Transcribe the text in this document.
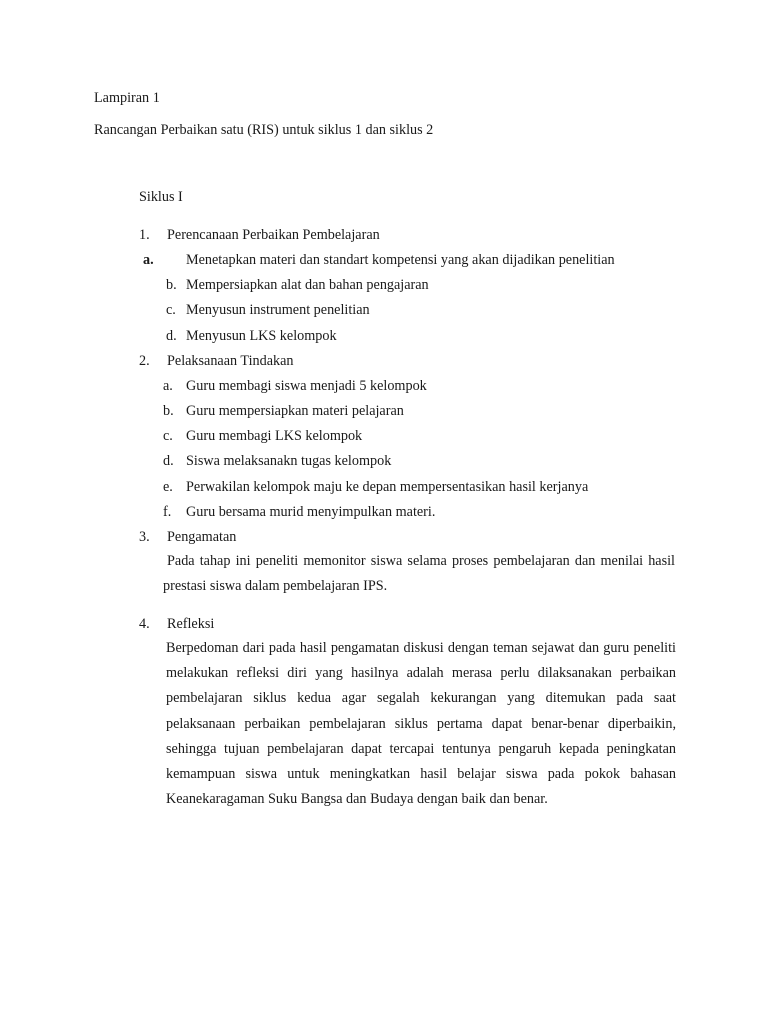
Lampiran 1
Rancangan Perbaikan satu (RIS) untuk siklus 1 dan siklus 2
Siklus I
1. Perencanaan Perbaikan Pembelajaran
a. Menetapkan materi dan standart kompetensi yang akan dijadikan penelitian
b. Mempersiapkan alat dan bahan pengajaran
c. Menyusun instrument penelitian
d. Menyusun LKS kelompok
2. Pelaksanaan Tindakan
a. Guru membagi siswa menjadi 5 kelompok
b. Guru mempersiapkan materi pelajaran
c. Guru membagi LKS kelompok
d. Siswa melaksanakn tugas kelompok
e. Perwakilan kelompok maju ke depan mempersentasikan hasil kerjanya
f. Guru bersama murid menyimpulkan materi.
3. Pengamatan
Pada tahap ini peneliti memonitor siswa selama proses pembelajaran dan menilai hasil prestasi siswa dalam pembelajaran IPS.
4. Refleksi
Berpedoman dari pada hasil pengamatan diskusi dengan teman sejawat dan guru peneliti melakukan refleksi diri yang hasilnya adalah merasa perlu dilaksanakan perbaikan pembelajaran siklus kedua agar segalah kekurangan yang ditemukan pada saat pelaksanaan perbaikan pembelajaran siklus pertama dapat benar-benar diperbaikin, sehingga tujuan pembelajaran dapat tercapai tentunya pengaruh kepada peningkatan kemampuan siswa untuk meningkatkan hasil belajar siswa pada pokok bahasan Keanekaragaman Suku Bangsa dan Budaya dengan baik dan benar.
